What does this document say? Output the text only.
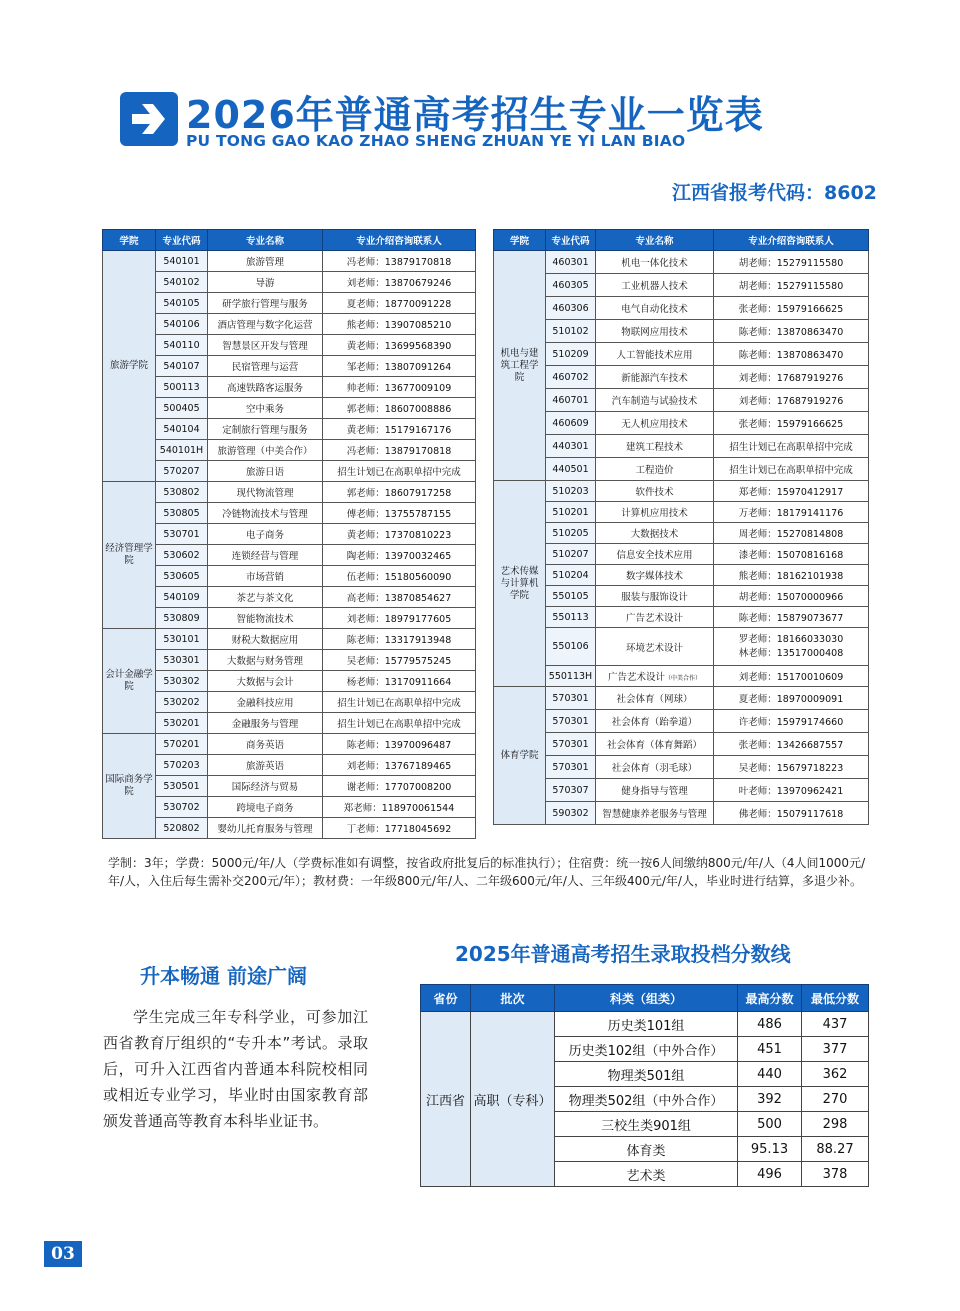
2026年普通高考招生专业一览表
PU TONG GAO KAO ZHAO SHENG ZHUAN YE YI LAN BIAO
江西省报考代码：8602
学院	专业代码	专业名称	专业介绍咨询联系人
旅游学院	540101	旅游管理	冯老师：13879170818

	540102	导游	刘老师：13870679246

	540105	研学旅行管理与服务	夏老师：18770091228

	540106	酒店管理与数字化运营	熊老师：13907085210

	540110	智慧景区开发与管理	黄老师：13699568390

	540107	民宿管理与运营	邹老师：13807091264

	500113	高速铁路客运服务	帅老师：13677009109

	500405	空中乘务	郭老师：18607008886

	540104	定制旅行管理与服务	黄老师：15179167176

	540101H	旅游管理（中美合作）	冯老师：13879170818

	570207	旅游日语	招生计划已在高职单招中完成

经济管理学院	530802	现代物流管理	郭老师：18607917258

	530805	冷链物流技术与管理	傅老师：13755787155

	530701	电子商务	黄老师：17370810223

	530602	连锁经营与管理	陶老师：13970032465

	530605	市场营销	伍老师：15180560090

	540109	茶艺与茶文化	高老师：13870854627

	530809	智能物流技术	刘老师：18979177605

会计金融学院	530101	财税大数据应用	陈老师：13317913948

	530301	大数据与财务管理	吴老师：15779575245

	530302	大数据与会计	杨老师：13170911664

	530202	金融科技应用	招生计划已在高职单招中完成

	530201	金融服务与管理	招生计划已在高职单招中完成

国际商务学院	570201	商务英语	陈老师：13970096487

	570203	旅游英语	刘老师：13767189465

	530501	国际经济与贸易	谢老师：17707008200

	530702	跨境电子商务	郑老师：118970061544

	520802	婴幼儿托育服务与管理	丁老师：17718045692
学院	专业代码	专业名称	专业介绍咨询联系人
机电与建筑工程学院	460301	机电一体化技术	胡老师：15279115580

	460305	工业机器人技术	胡老师：15279115580

	460306	电气自动化技术	张老师：15979166625

	510102	物联网应用技术	陈老师：13870863470

	510209	人工智能技术应用	陈老师：13870863470

	460702	新能源汽车技术	刘老师：17687919276

	460701	汽车制造与试验技术	刘老师：17687919276

	460609	无人机应用技术	张老师：15979166625

	440301	建筑工程技术	招生计划已在高职单招中完成

	440501	工程造价	招生计划已在高职单招中完成

艺术传媒与计算机学院	510203	软件技术	郑老师：15970412917

	510201	计算机应用技术	万老师：18179141176

	510205	大数据技术	周老师：15270814808

	510207	信息安全技术应用	漆老师：15070816168

	510204	数字媒体技术	熊老师：18162101938

	550105	服装与服饰设计	胡老师：15070000966

	550113	广告艺术设计	陈老师：15879073677

	550106	环境艺术设计	罗老师：18166033030
林老师：13517000408

	550113H	广告艺术设计（中美合作）	刘老师：15170010609

体育学院	570301	社会体育（网球）	夏老师：18970009091

	570301	社会体育（跆拳道）	许老师：15979174660

	570301	社会体育（体育舞蹈）	张老师：13426687557

	570301	社会体育（羽毛球）	吴老师：15679718223

	570307	健身指导与管理	叶老师：13970962421

	590302	智慧健康养老服务与管理	佛老师：15079117618
学制：3年；学费：5000元/年/人（学费标准如有调整，按省政府批复后的标准执行）；住宿费：统一按6人间缴纳800元/年/人（4人间1000元/年/人，入住后每生需补交200元/年）；教材费：一年级800元/年/人、二年级600元/年/人、三年级400元/年/人，毕业时进行结算，多退少补。
升本畅通 前途广阔
学生完成三年专科学业，可参加江西省教育厅组织的“专升本”考试。录取后，可升入江西省内普通本科院校相同或相近专业学习，毕业时由国家教育部颁发普通高等教育本科毕业证书。
2025年普通高考招生录取投档分数线
省份	批次	科类（组类）	最高分数	最低分数
江西省	高职（专科）	历史类101组	486	437
		历史类102组（中外合作）	451	377
		物理类501组	440	362
		物理类502组（中外合作）	392	270
		三校生类901组	500	298
		体育类	95.13	88.27
		艺术类	496	378
03
